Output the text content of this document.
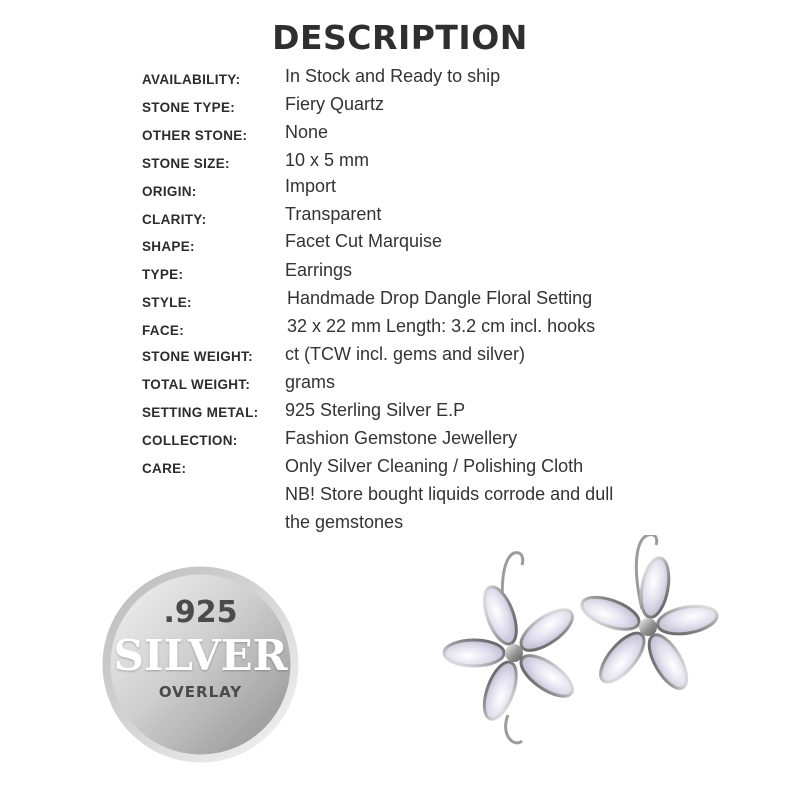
DESCRIPTION
AVAILABILITY: In Stock and Ready to ship
STONE TYPE:	Fiery Quartz
OTHER STONE: None
STONE SIZE:	10 x 5 mm
ORIGIN:	Import
CLARITY:	Transparent
SHAPE:	Facet Cut Marquise
TYPE:	Earrings
STYLE:	Handmade Drop Dangle Floral Setting
FACE:	32 x 22 mm Length: 3.2 cm incl. hooks
STONE WEIGHT: ct (TCW incl. gems and silver)
TOTAL WEIGHT: grams
SETTING METAL: 925 Sterling Silver E.P
COLLECTION:	Fashion Gemstone Jewellery
CARE:	Only Silver Cleaning / Polishing Cloth
NB! Store bought liquids corrode and dull
the gemstones
.925
SILVER
OVERLAY
